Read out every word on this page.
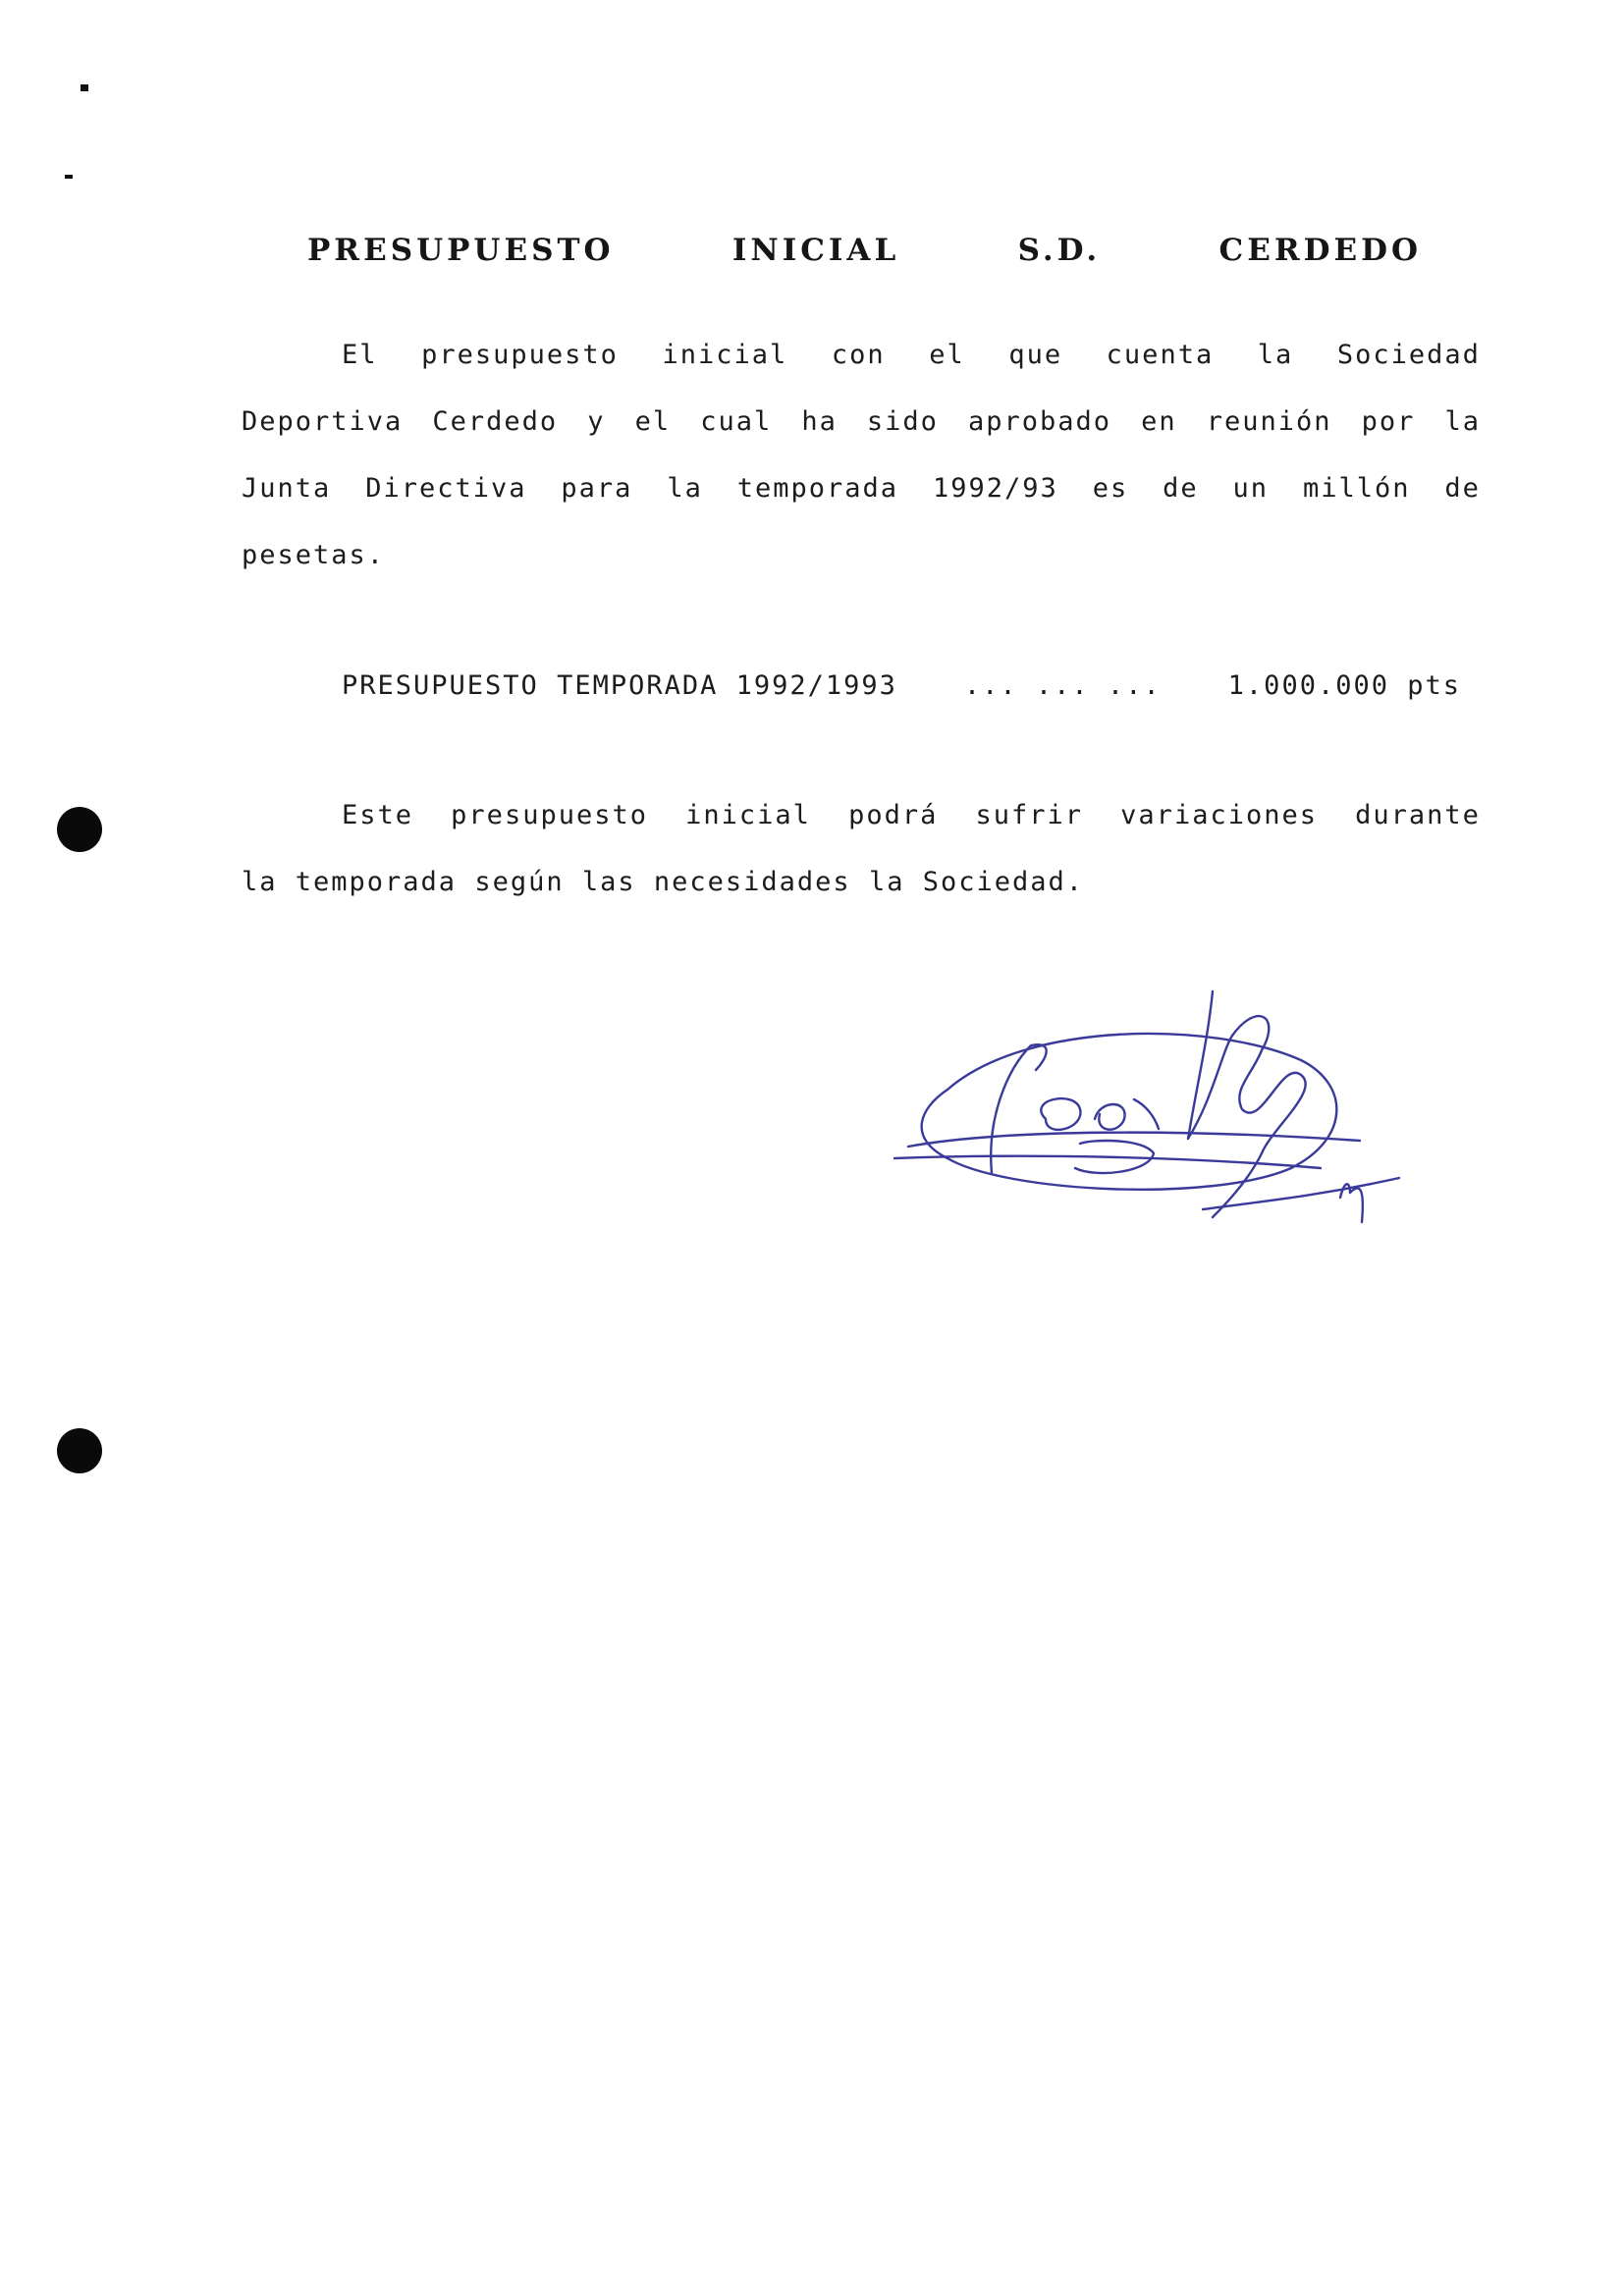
PRESUPUESTO	INICIAL	S.D.	CERDEDO
El presupuesto inicial con el que cuenta la Sociedad
Deportiva Cerdedo y el cual ha sido aprobado en reunión por la
Junta Directiva para la temporada 1992/93 es de un millón de
pesetas.
PRESUPUESTO TEMPORADA 1992/1993	... ... ...	1.000.000 pts
Este presupuesto inicial podrá sufrir variaciones durante
la temporada según las necesidades la Sociedad.
